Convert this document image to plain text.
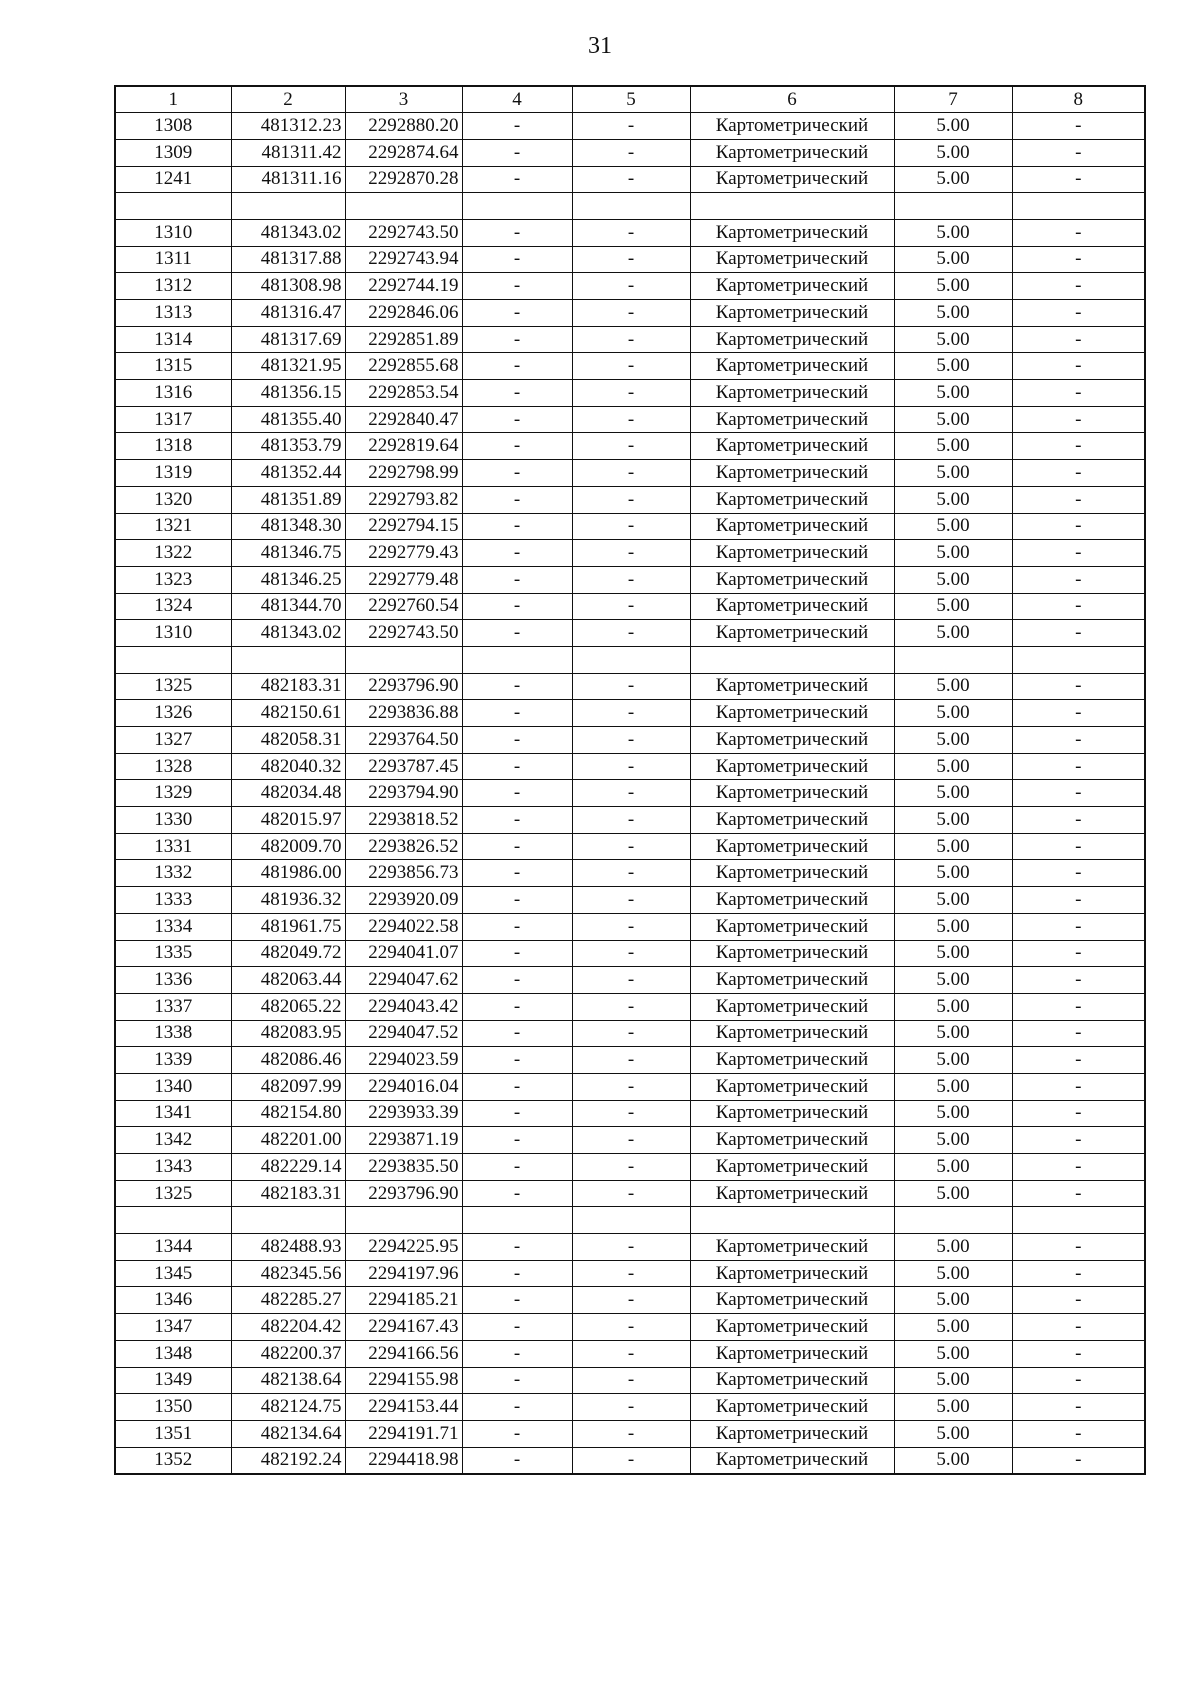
31
1	2	3	4	5	6	7	8
1308	481312.23	2292880.20	-	-	Картометрический	5.00	-
1309	481311.42	2292874.64	-	-	Картометрический	5.00	-
1241	481311.16	2292870.28	-	-	Картометрический	5.00	-

1310	481343.02	2292743.50	-	-	Картометрический	5.00	-
1311	481317.88	2292743.94	-	-	Картометрический	5.00	-
1312	481308.98	2292744.19	-	-	Картометрический	5.00	-
1313	481316.47	2292846.06	-	-	Картометрический	5.00	-
1314	481317.69	2292851.89	-	-	Картометрический	5.00	-
1315	481321.95	2292855.68	-	-	Картометрический	5.00	-
1316	481356.15	2292853.54	-	-	Картометрический	5.00	-
1317	481355.40	2292840.47	-	-	Картометрический	5.00	-
1318	481353.79	2292819.64	-	-	Картометрический	5.00	-
1319	481352.44	2292798.99	-	-	Картометрический	5.00	-
1320	481351.89	2292793.82	-	-	Картометрический	5.00	-
1321	481348.30	2292794.15	-	-	Картометрический	5.00	-
1322	481346.75	2292779.43	-	-	Картометрический	5.00	-
1323	481346.25	2292779.48	-	-	Картометрический	5.00	-
1324	481344.70	2292760.54	-	-	Картометрический	5.00	-
1310	481343.02	2292743.50	-	-	Картометрический	5.00	-

1325	482183.31	2293796.90	-	-	Картометрический	5.00	-
1326	482150.61	2293836.88	-	-	Картометрический	5.00	-
1327	482058.31	2293764.50	-	-	Картометрический	5.00	-
1328	482040.32	2293787.45	-	-	Картометрический	5.00	-
1329	482034.48	2293794.90	-	-	Картометрический	5.00	-
1330	482015.97	2293818.52	-	-	Картометрический	5.00	-
1331	482009.70	2293826.52	-	-	Картометрический	5.00	-
1332	481986.00	2293856.73	-	-	Картометрический	5.00	-
1333	481936.32	2293920.09	-	-	Картометрический	5.00	-
1334	481961.75	2294022.58	-	-	Картометрический	5.00	-
1335	482049.72	2294041.07	-	-	Картометрический	5.00	-
1336	482063.44	2294047.62	-	-	Картометрический	5.00	-
1337	482065.22	2294043.42	-	-	Картометрический	5.00	-
1338	482083.95	2294047.52	-	-	Картометрический	5.00	-
1339	482086.46	2294023.59	-	-	Картометрический	5.00	-
1340	482097.99	2294016.04	-	-	Картометрический	5.00	-
1341	482154.80	2293933.39	-	-	Картометрический	5.00	-
1342	482201.00	2293871.19	-	-	Картометрический	5.00	-
1343	482229.14	2293835.50	-	-	Картометрический	5.00	-
1325	482183.31	2293796.90	-	-	Картометрический	5.00	-

1344	482488.93	2294225.95	-	-	Картометрический	5.00	-
1345	482345.56	2294197.96	-	-	Картометрический	5.00	-
1346	482285.27	2294185.21	-	-	Картометрический	5.00	-
1347	482204.42	2294167.43	-	-	Картометрический	5.00	-
1348	482200.37	2294166.56	-	-	Картометрический	5.00	-
1349	482138.64	2294155.98	-	-	Картометрический	5.00	-
1350	482124.75	2294153.44	-	-	Картометрический	5.00	-
1351	482134.64	2294191.71	-	-	Картометрический	5.00	-
1352	482192.24	2294418.98	-	-	Картометрический	5.00	-
